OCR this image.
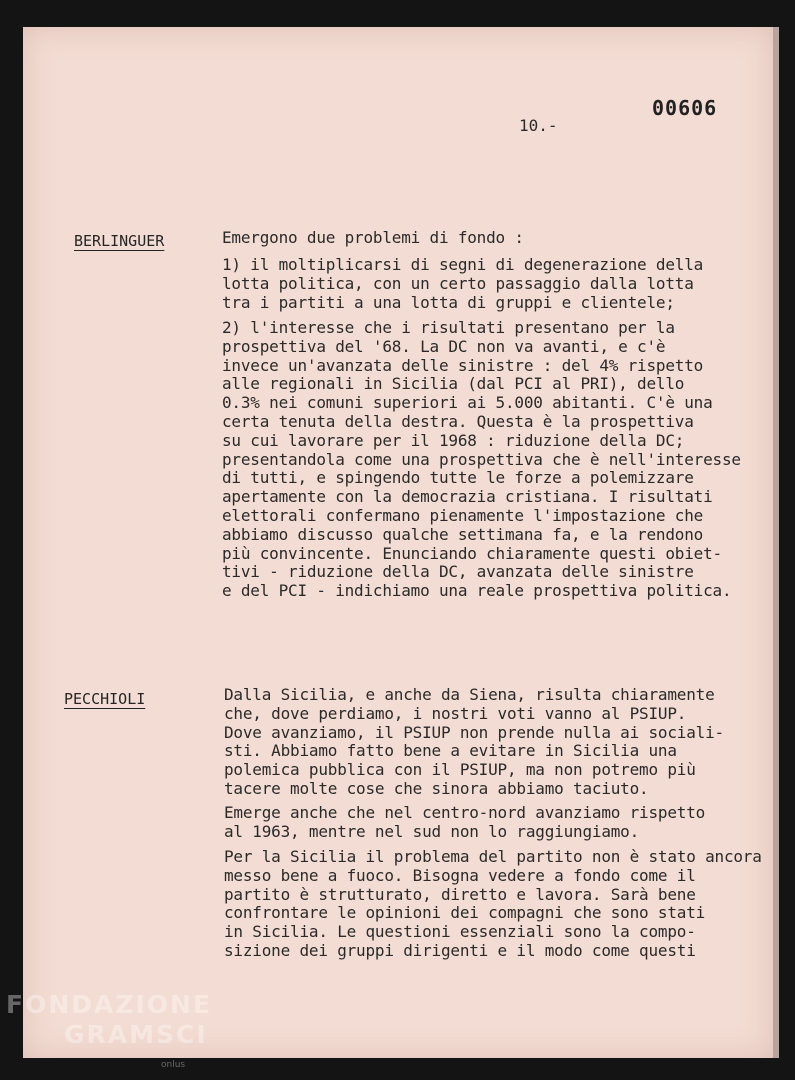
00606
10.-
BERLINGUER	Emergono due problemi di fondo :
1) il moltiplicarsi di segni di degenerazione della
lotta politica, con un certo passaggio dalla lotta
tra i partiti a una lotta di gruppi e clientele;
2) l'interesse che i risultati presentano per la
prospettiva del '68. La DC non va avanti, e c'è
invece un'avanzata delle sinistre : del 4% rispetto
alle regionali in Sicilia (dal PCI al PRI), dello
0.3% nei comuni superiori ai 5.000 abitanti. C'è una
certa tenuta della destra. Questa è la prospettiva
su cui lavorare per il 1968 : riduzione della DC;
presentandola come una prospettiva che è nell'interesse
di tutti, e spingendo tutte le forze a polemizzare
apertamente con la democrazia cristiana. I risultati
elettorali confermano pienamente l'impostazione che
abbiamo discusso qualche settimana fa, e la rendono
più convincente. Enunciando chiaramente questi obiet-
tivi - riduzione della DC, avanzata delle sinistre
e del PCI - indichiamo una reale prospettiva politica.
PECCHIOLI	Dalla Sicilia, e anche da Siena, risulta chiaramente
che, dove perdiamo, i nostri voti vanno al PSIUP.
Dove avanziamo, il PSIUP non prende nulla ai sociali-
sti. Abbiamo fatto bene a evitare in Sicilia una
polemica pubblica con il PSIUP, ma non potremo più
tacere molte cose che sinora abbiamo taciuto.
Emerge anche che nel centro-nord avanziamo rispetto
al 1963, mentre nel sud non lo raggiungiamo.
Per la Sicilia il problema del partito non è stato ancora
messo bene a fuoco. Bisogna vedere a fondo come il
partito è strutturato, diretto e lavora. Sarà bene
confrontare le opinioni dei compagni che sono stati
in Sicilia. Le questioni essenziali sono la compo-
sizione dei gruppi dirigenti e il modo come questi
FONDAZIONE
GRAMSCI
onlus
